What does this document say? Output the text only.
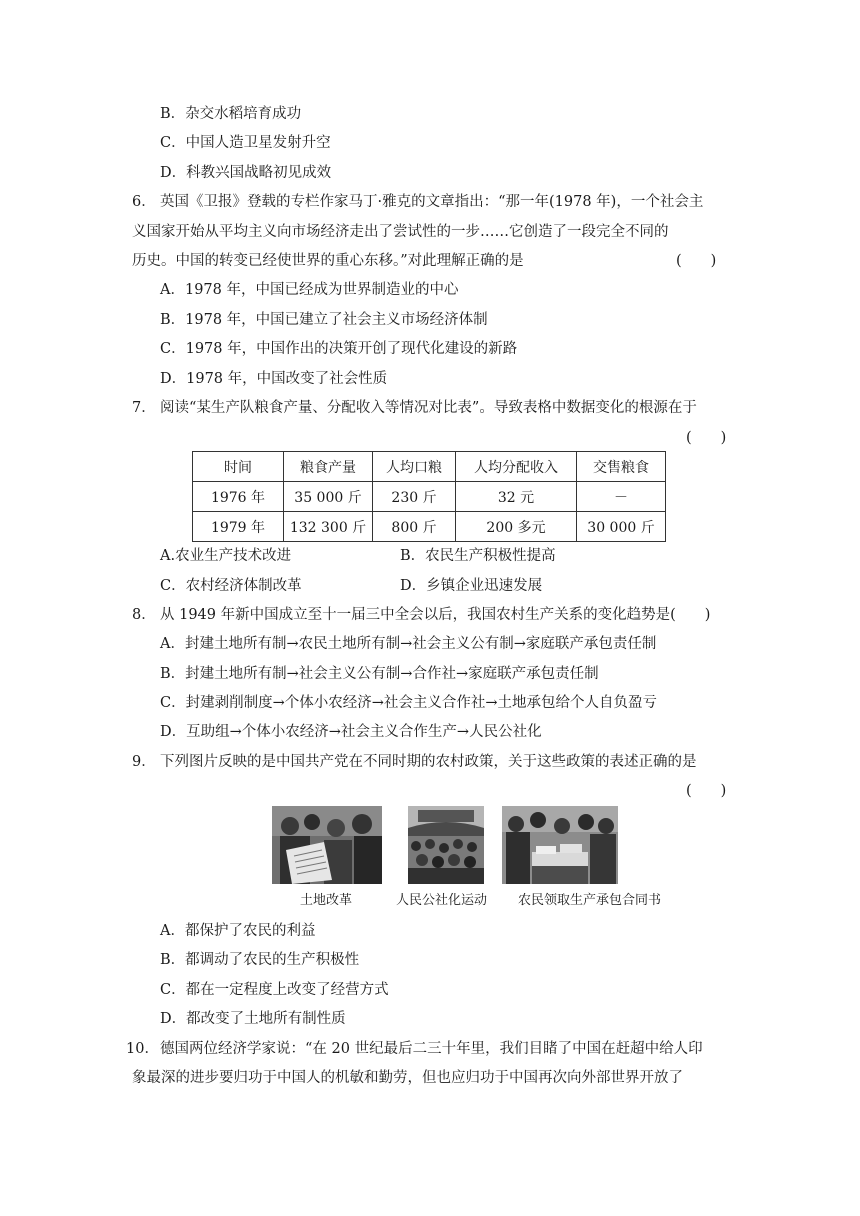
B．杂交水稻培育成功
C．中国人造卫星发射升空
D．科教兴国战略初见成效
6． 英国《卫报》登载的专栏作家马丁·雅克的文章指出：“那一年(1978 年)，一个社会主
义国家开始从平均主义向市场经济走出了尝试性的一步……它创造了一段完全不同的
历史。中国的转变已经使世界的重心东移。”对此理解正确的是	(　　)
A．1978 年，中国已经成为世界制造业的中心
B．1978 年，中国已建立了社会主义市场经济体制
C．1978 年，中国作出的决策开创了现代化建设的新路
D．1978 年，中国改变了社会性质
7． 阅读“某生产队粮食产量、分配收入等情况对比表”。导致表格中数据变化的根源在于
(　　)
时间	粮食产量	人均口粮	人均分配收入	交售粮食
1976 年	35 000 斤	230 斤	32 元	－
1979 年	132 300 斤	800 斤	200 多元	30 000 斤
A.农业生产技术改进	B．农民生产积极性提高
C．农村经济体制改革	D．乡镇企业迅速发展
8． 从 1949 年新中国成立至十一届三中全会以后，我国农村生产关系的变化趋势是(　　)
A．封建土地所有制→农民土地所有制→社会主义公有制→家庭联产承包责任制
B．封建土地所有制→社会主义公有制→合作社→家庭联产承包责任制
C．封建剥削制度→个体小农经济→社会主义合作社→土地承包给个人自负盈亏
D．互助组→个体小农经济→社会主义合作生产→人民公社化
9． 下列图片反映的是中国共产党在不同时期的农村政策，关于这些政策的表述正确的是
(　　)
土地改革	人民公社化运动 农民领取生产承包合同书
A．都保护了农民的利益
B．都调动了农民的生产积极性
C．都在一定程度上改变了经营方式
D．都改变了土地所有制性质
10． 德国两位经济学家说：“在 20 世纪最后二三十年里，我们目睹了中国在赶超中给人印
象最深的进步要归功于中国人的机敏和勤劳，但也应归功于中国再次向外部世界开放了
